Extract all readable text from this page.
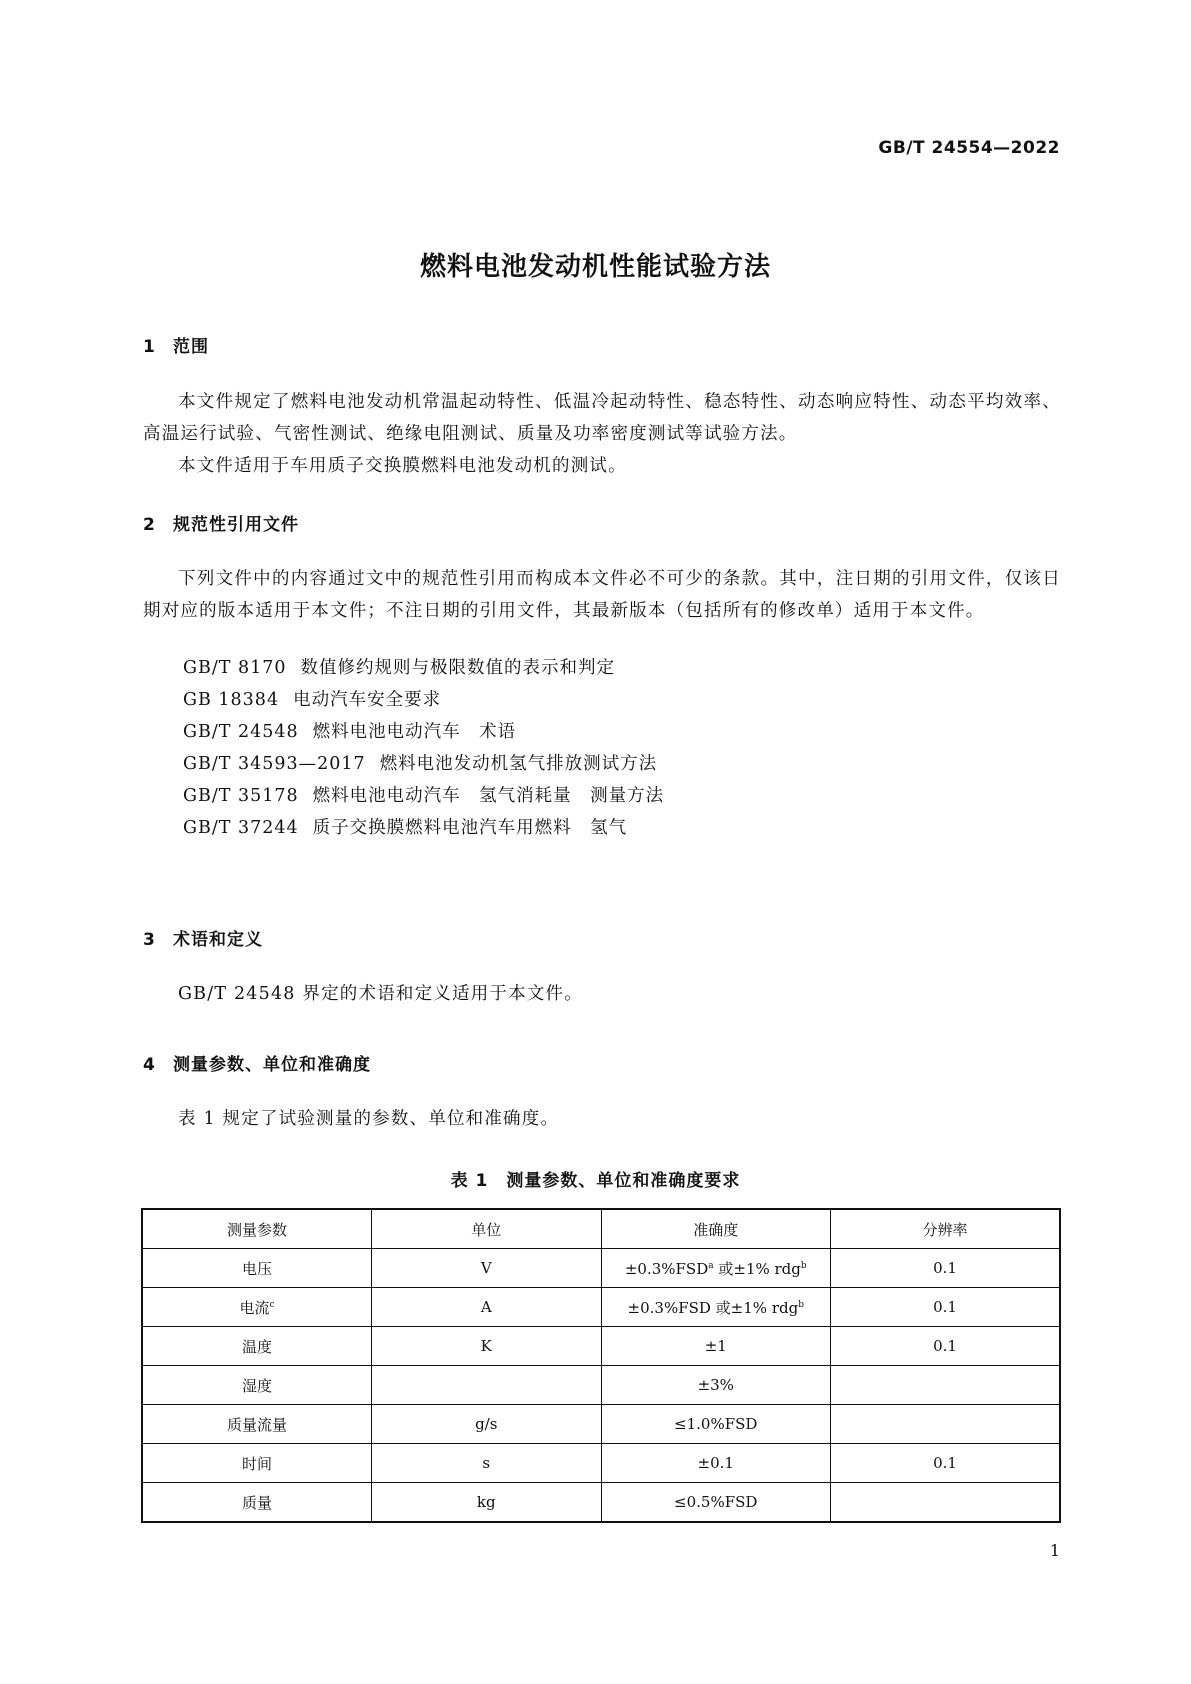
GB/T 24554—2022
燃料电池发动机性能试验方法
1 范围

本文件规定了燃料电池发动机常温起动特性、低温冷起动特性、稳态特性、动态响应特性、动态平均效率、高温运行试验、气密性测试、绝缘电阻测试、质量及功率密度测试等试验方法。

本文件适用于车用质子交换膜燃料电池发动机的测试。

2 规范性引用文件

下列文件中的内容通过文中的规范性引用而构成本文件必不可少的条款。其中，注日期的引用文件，仅该日期对应的版本适用于本文件；不注日期的引用文件，其最新版本（包括所有的修改单）适用于本文件。

GB/T 8170 数值修约规则与极限数值的表示和判定
GB 18384 电动汽车安全要求
GB/T 24548 燃料电池电动汽车　术语
GB/T 34593—2017 燃料电池发动机氢气排放测试方法
GB/T 35178 燃料电池电动汽车　氢气消耗量　测量方法
GB/T 37244 质子交换膜燃料电池汽车用燃料　氢气
3 术语和定义

GB/T 24548 界定的术语和定义适用于本文件。

4 测量参数、单位和准确度

表 1 规定了试验测量的参数、单位和准确度。

表 1　测量参数、单位和准确度要求
测量参数	单位	准确度	分辨率
电压	V	$\pm 0.3\%FSD^a$ 或±1% rdg$^b$	0.1
电流$^c$	A	±0.3%FSD 或±1% rdg$^b$	0.1
温度	K	±1	0.1
湿度		±3%	
质量流量	g/s	≤1.0%FSD	
时间	s	±0.1	0.1
质量	kg	≤0.5%FSD	
1
